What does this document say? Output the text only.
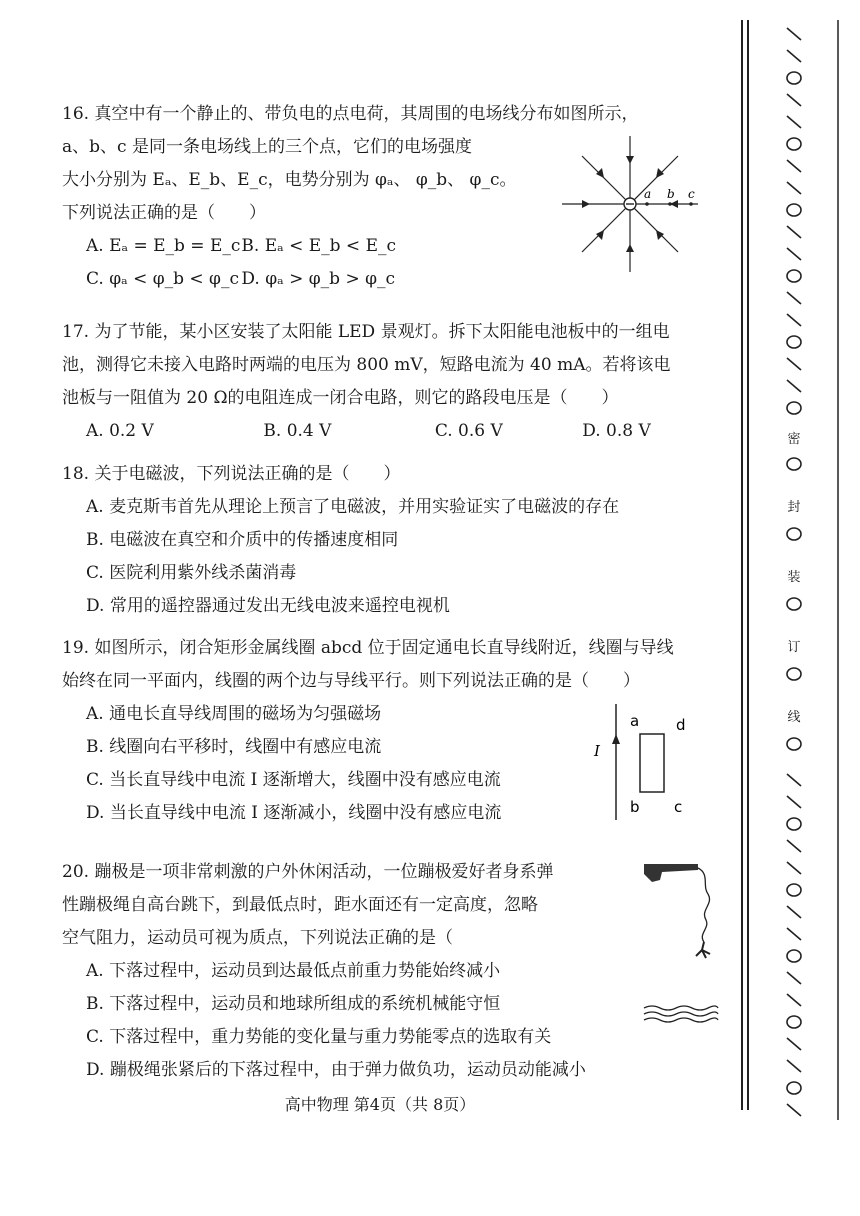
16. 真空中有一个静止的、带负电的点电荷，其周围的电场线分布如图所示，
a、b、c 是同一条电场线上的三个点，它们的电场强度
大小分别为 Eₐ、E_b、E_c，电势分别为 φₐ、 φ_b、 φ_c。
下列说法正确的是（　　）
A. Eₐ = E_b = E_c B. Eₐ < E_b < E_c
C. φₐ < φ_b < φ_c D. φₐ > φ_b > φ_c
a b c
17. 为了节能，某小区安装了太阳能 LED 景观灯。拆下太阳能电池板中的一组电
池，测得它未接入电路时两端的电压为 800 mV，短路电流为 40 mA。若将该电
池板与一阻值为 20 Ω的电阻连成一闭合电路，则它的路段电压是（　　）
A. 0.2 V	B. 0.4 V	C. 0.6 V	D. 0.8 V
18. 关于电磁波，下列说法正确的是（　　）
A. 麦克斯韦首先从理论上预言了电磁波，并用实验证实了电磁波的存在
B. 电磁波在真空和介质中的传播速度相同
C. 医院利用紫外线杀菌消毒
D. 常用的遥控器通过发出无线电波来遥控电视机
19. 如图所示，闭合矩形金属线圈 abcd 位于固定通电长直导线附近，线圈与导线
始终在同一平面内，线圈的两个边与导线平行。则下列说法正确的是（　　）
A. 通电长直导线周围的磁场为匀强磁场
B. 线圈向右平移时，线圈中有感应电流
C. 当长直导线中电流 I 逐渐增大，线圈中没有感应电流
D. 当长直导线中电流 I 逐渐减小，线圈中没有感应电流
I
a d
b c
20. 蹦极是一项非常刺激的户外休闲活动，一位蹦极爱好者身系弹
性蹦极绳自高台跳下，到最低点时，距水面还有一定高度，忽略
空气阻力，运动员可视为质点，下列说法正确的是（
A. 下落过程中，运动员到达最低点前重力势能始终减小
B. 下落过程中，运动员和地球所组成的系统机械能守恒
C. 下落过程中，重力势能的变化量与重力势能零点的选取有关
D. 蹦极绳张紧后的下落过程中，由于弹力做负功，运动员动能减小
高中物理 第4页（共 8页）
密
封
装
订
线
